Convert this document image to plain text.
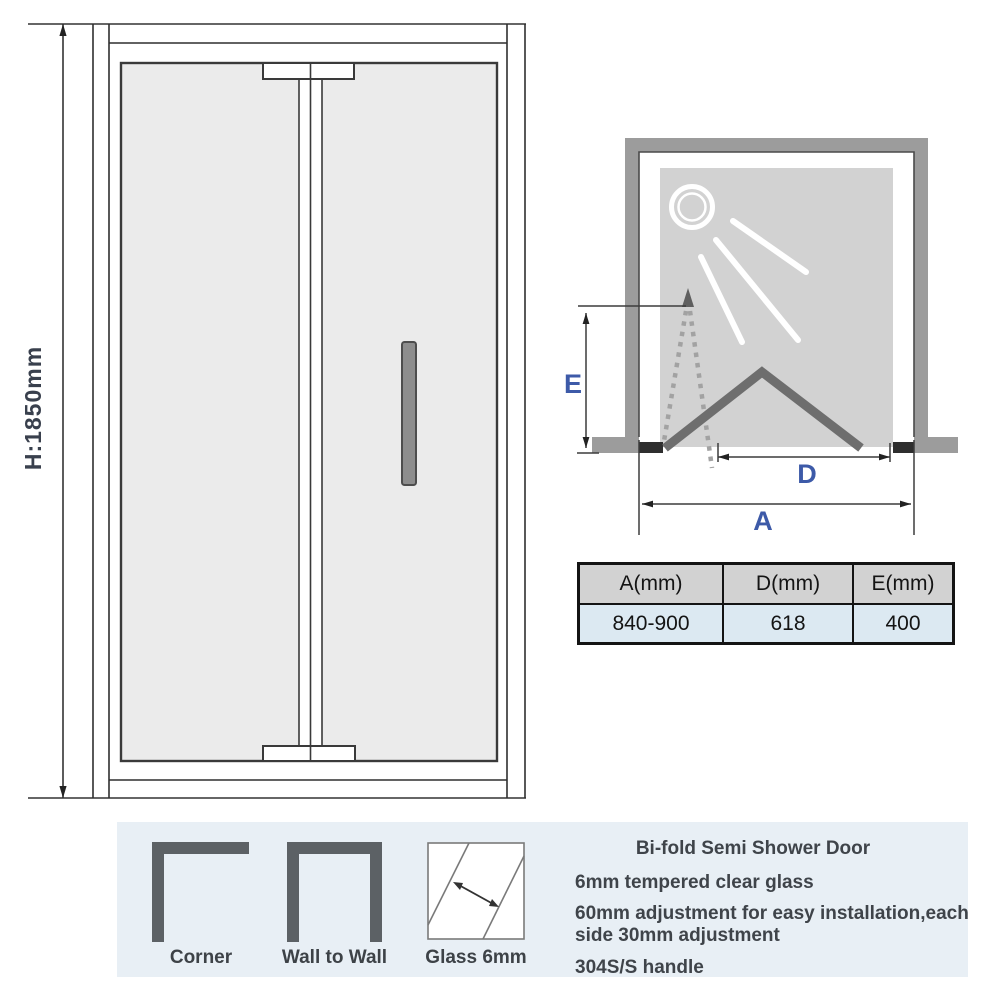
H:1850mm	E
D
A
A(mm)	D(mm)	E(mm)
840-900	618	400
Corner	Wall to Wall	Glass 6mm
Bi-fold Semi Shower Door
6mm tempered clear glass
60mm adjustment for easy installation,each
side 30mm adjustment
304S/S handle
